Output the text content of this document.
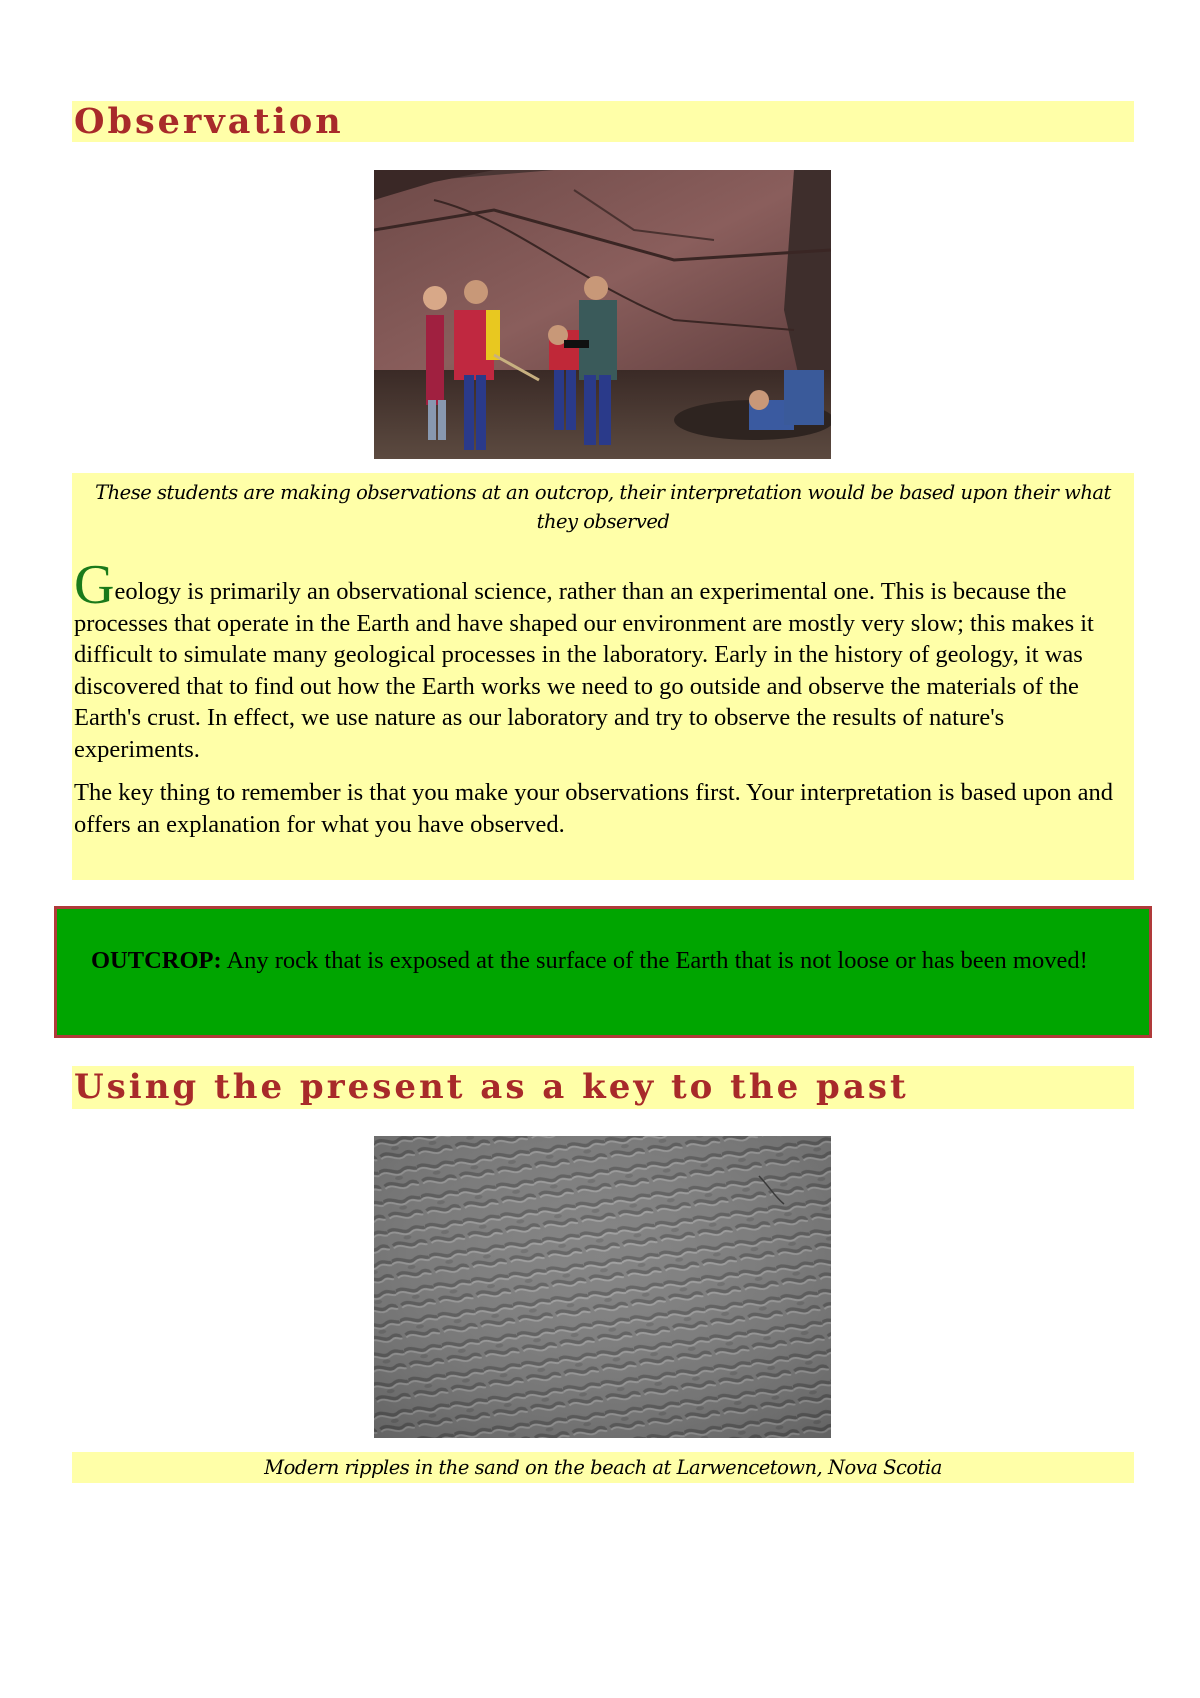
Observation
These students are making observations at an outcrop, their interpretation would be based upon their what they observed

Geology is primarily an observational science, rather than an experimental one. This is because the processes that operate in the Earth and have shaped our environment are mostly very slow; this makes it difficult to simulate many geological processes in the laboratory. Early in the history of geology, it was discovered that to find out how the Earth works we need to go outside and observe the materials of the Earth's crust. In effect, we use nature as our laboratory and try to observe the results of nature's experiments.

The key thing to remember is that you make your observations first. Your interpretation is based upon and offers an explanation for what you have observed.

OUTCROP: Any rock that is exposed at the surface of the Earth that is not loose or has been moved!
Using the present as a key to the past
Modern ripples in the sand on the beach at Larwencetown, Nova Scotia
